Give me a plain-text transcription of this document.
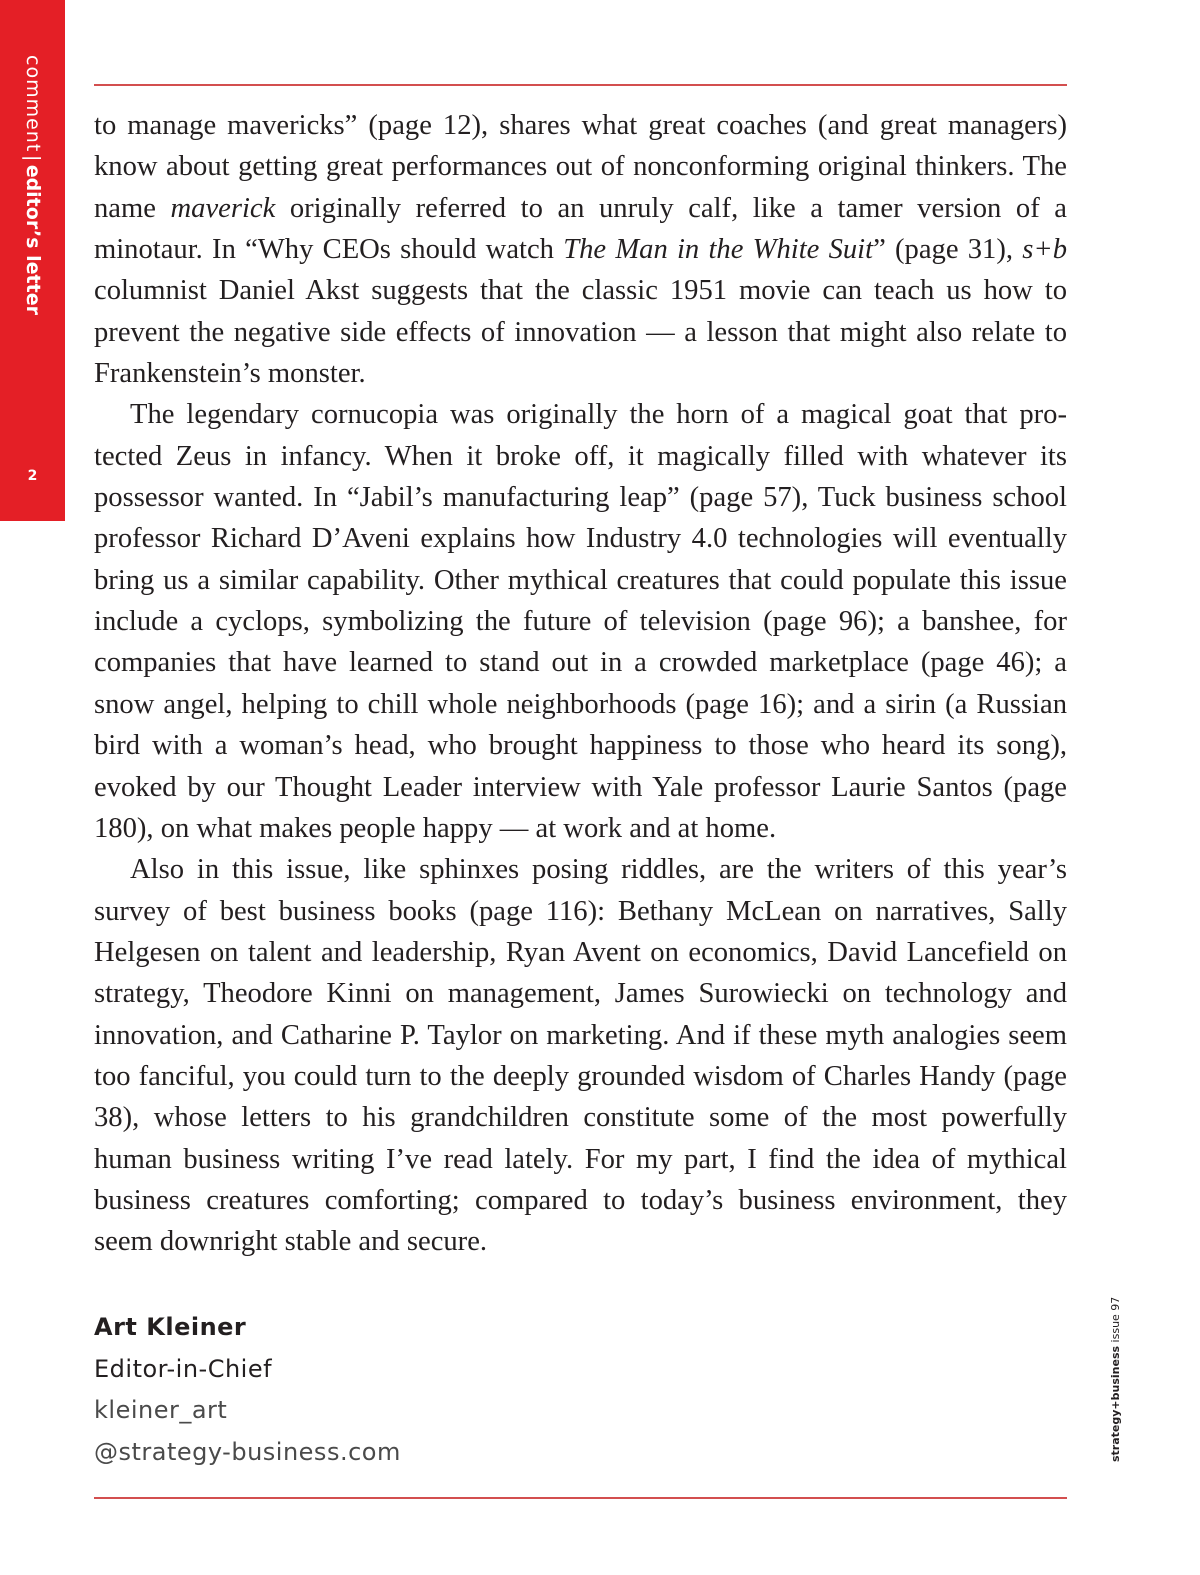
comment|editor’s letter
2

to manage mavericks” (page 12), shares what great coaches (and great managers) know about getting great performances out of nonconforming original thinkers. The name maverick originally referred to an unruly calf, like a tamer version of a minotaur. In “Why CEOs should watch The Man in the White Suit” (page 31), s+b columnist Daniel Akst suggests that the classic 1951 movie can teach us how to prevent the negative side effects of innovation — a lesson that might also relate to Frankenstein’s monster.

The legendary cornucopia was originally the horn of a magical goat that protected Zeus in infancy. When it broke off, it magically filled with whatever its possessor wanted. In “Jabil’s manufacturing leap” (page 57), Tuck business school professor Richard D’Aveni explains how Industry 4.0 technologies will eventually bring us a similar capability. Other mythical creatures that could populate this issue include a cyclops, symbolizing the future of television (page 96); a banshee, for companies that have learned to stand out in a crowded marketplace (page 46); a snow angel, helping to chill whole neighborhoods (page 16); and a sirin (a Russian bird with a woman’s head, who brought happiness to those who heard its song), evoked by our Thought Leader interview with Yale professor Laurie Santos (page 180), on what makes people happy — at work and at home.

Also in this issue, like sphinxes posing riddles, are the writers of this year’s survey of best business books (page 116): Bethany McLean on narratives, Sally Helgesen on talent and leadership, Ryan Avent on economics, David Lancefield on strategy, Theodore Kinni on management, James Surowiecki on technology and innovation, and Catharine P. Taylor on marketing. And if these myth analogies seem too fanciful, you could turn to the deeply grounded wisdom of Charles Handy (page 38), whose letters to his grandchildren constitute some of the most powerfully human business writing I’ve read lately. For my part, I find the idea of mythical business creatures comforting; compared to today’s business environment, they seem downright stable and secure.

Art Kleiner
Editor-in-Chief
kleiner_art
@strategy-business.com	strategy+business issue 97
